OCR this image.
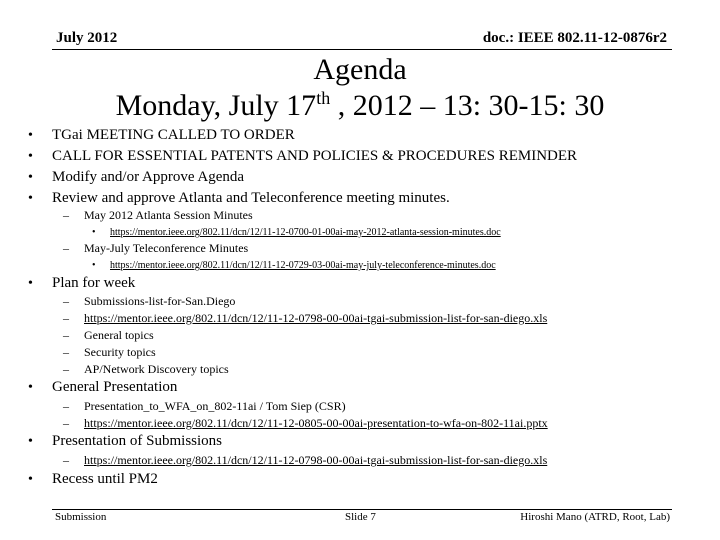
July 2012	doc.: IEEE 802.11-12-0876r2
Agenda
Monday, July 17th , 2012 – 13: 30-15: 30
• TGai MEETING CALLED TO ORDER
• CALL FOR ESSENTIAL PATENTS AND POLICIES & PROCEDURES REMINDER
• Modify and/or Approve Agenda
• Review and approve Atlanta and Teleconference meeting minutes.
– May 2012 Atlanta Session Minutes
• https://mentor.ieee.org/802.11/dcn/12/11-12-0700-01-00ai-may-2012-atlanta-session-minutes.doc
– May-July Teleconference Minutes
• https://mentor.ieee.org/802.11/dcn/12/11-12-0729-03-00ai-may-july-teleconference-minutes.doc
• Plan for week
– Submissions-list-for-San.Diego
– https://mentor.ieee.org/802.11/dcn/12/11-12-0798-00-00ai-tgai-submission-list-for-san-diego.xls
– General topics
– Security topics
– AP/Network Discovery topics
• General Presentation
– Presentation_to_WFA_on_802-11ai / Tom Siep (CSR)
– https://mentor.ieee.org/802.11/dcn/12/11-12-0805-00-00ai-presentation-to-wfa-on-802-11ai.pptx
• Presentation of Submissions
– https://mentor.ieee.org/802.11/dcn/12/11-12-0798-00-00ai-tgai-submission-list-for-san-diego.xls
• Recess until PM2
Submission	Slide 7	Hiroshi Mano (ATRD, Root, Lab)
